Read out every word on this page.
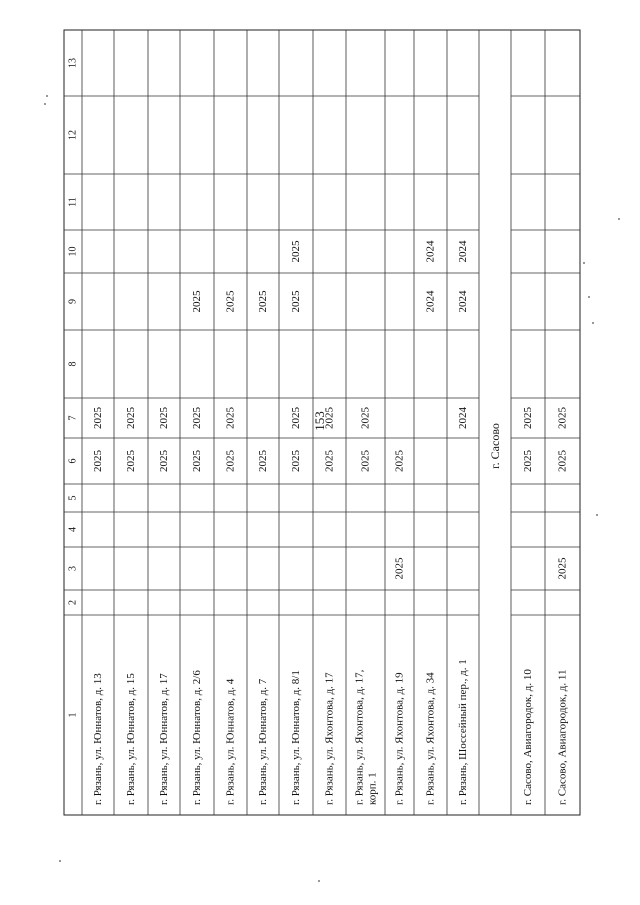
153
1
2
3
4
5
6
7
8
9
10
11
12
13
г. Рязань, ул. Юннатов, д. 13
2025
2025
г. Рязань, ул. Юннатов, д. 15
2025
2025
г. Рязань, ул. Юннатов, д. 17
2025
2025
г. Рязань, ул. Юннатов, д. 2/6
2025
2025
2025
г. Рязань, ул. Юннатов, д. 4
2025
2025
2025
г. Рязань, ул. Юннатов, д. 7
2025
2025
г. Рязань, ул. Юннатов, д. 8/1
2025
2025
2025
2025
г. Рязань, ул. Яхонтова, д. 17
2025
2025
г. Рязань, ул. Яхонтова, д. 17, корп. 1
2025
2025
г. Рязань, ул. Яхонтова, д. 19
2025
2025
г. Рязань, ул. Яхонтова, д. 34
2024
2024
г. Рязань, Шоссейный пер., д. 1
2024
2024
2024
г. Сасово
г. Сасово, Авиагородок, д. 10
2025
2025
г. Сасово, Авиагородок, д. 11
2025
2025
2025
